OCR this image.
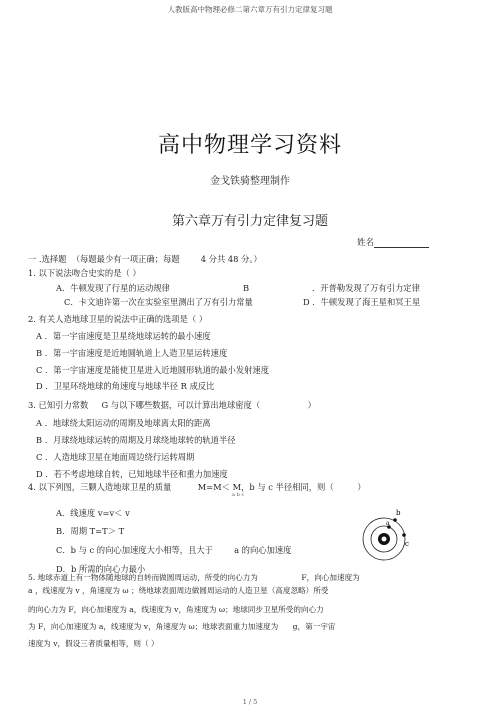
人教版高中物理必修二第六章万有引力定律复习题
高中物理学习资料
金戈铁骑整理制作
第六章万有引力定律复习题
姓名
一 .选择题 （每题最少有一项正确；每题	4 分共 48 分。）
1. 以下说法吻合史实的是（ ）
A．牛顿发现了行星的运动规律	B	．开普勒发现了万有引力定律
C．卡文迪许第一次在实验室里测出了万有引力常量	D ．牛顿发现了海王星和冥王星
2. 有关人造地球卫星的说法中正确的选项是（ ）
A ．第一宇宙速度是卫星绕地球运转的最小速度
B ．第一宇宙速度是近地圆轨道上人造卫星运转速度
C ．第一宇宙速度是能使卫星进入近地圆形轨道的最小发射速度
D ．卫星环绕地球的角速度与地球半径 R 成反比
3. 已知引力常数 G 与以下哪些数据，可以计算出地球密度（	）
A ．地球绕太阳运动的周期及地球离太阳的距离
B ．月球绕地球运转的周期及月球绕地球转的轨道半径
C ．人造地球卫星在地面周边绕行运转周期
D ．若不考虑地球自转，已知地球半径和重力加速度
4. 以下列图，三颗人造地球卫星的质量	M=M＜ M，b 与 c 半径相同，则（	）
a b c
A．线速度 v=v＜ v
B．周期 T=T＞ T
C．b 与 c 的向心加速度大小相等，且大于	a 的向心加速度
D．b 所需的向心力最小
a
b
c
5. 地球赤道上有一物体随地球的自转而做圆周运动，所受的向心力为	F，向心加速度为
a ，线速度为 v ，角速度为 ω ；绕地球表面周边做圆周运动的人造卫星（高度忽略）所受
的向心力为 F，向心加速度为 a，线速度为 v，角速度为 ω；地球同步卫星所受的向心力
为 F，向心加速度为 a，线速度为 v，角速度为 ω；地球表面重力加速度为 g，第一宇宙
速度为 v，假设三者质量相等，则（ ）
1 / 5
